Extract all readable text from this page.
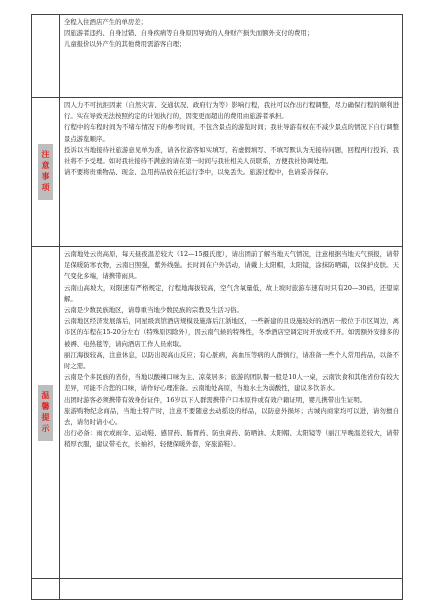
全程入住酒店产生的单房差；

因旅游者违约、自身过错、自身疾病等自身原因导致的人身财产损失而额外支付的费用；

儿童报价以外产生的其他费用需游客自理；

注意事项

因人力不可抗拒因素（自然灾害、交通状况、政府行为等）影响行程，我社可以作出行程调整，尽力确保行程的顺利进行。实在导致无法按照约定的计划执行的，因变更而超出的费用由旅游者承担。

行程中的车程时间为不堵车情况下的参考时间，不包含景点的游览时间；我社导游有权在不减少景点的情况下自行调整景点游览顺序。

投诉以当地接待社旅游意见单为准，请各位游客如实填写，若虚假填写、不填写默认为无接待问题，回程再行投诉，我社将不予受理。如对我社接待不满意的请在第一时间与我社相关人员联系，方便我社协调处理。

请不要将贵重物品、现金、急用药品放在托运行李中，以免丢失。旅游过程中，也请妥善保存。

温馨提示

云南地处云贵高原，每天昼夜温差较大（12—15摄氏度），请出团前了解当地天气情况，注意根据当地天气预报，请带足保暖防寒衣物，云南日照强，紫外线强。长时间在户外活动，请戴上太阳帽，太阳镜，涂抹防晒霜，以保护皮肤。天气变化多端，请携带雨具。

云南山高坡大，对限速有严格规定，行程地海拔较高，空气含氧量低，故上坡时旅游车速有时只有20—30码，还望谅解。

云南是少数民族地区，请尊重当地少数民族的宗教及生活习俗。

云南地区经济发展落后，同星级宾馆酒店规模设施落后江浙地区，一些新建的且设施较好的酒店一般位于市区周边，离市区的车程在15-20分左右（特殊原因除外），因云南气候的特殊性，冬季酒店空调定时开放或不开。如需额外安排多的被褥、电热毯等，请向酒店工作人员索取。

丽江海拔较高，注意休息，以防出现高山反应；有心脏病，高血压等病的人群慎行，请准备一些个人常用药品，以备不时之需。

云南是个多民族的省份，当地以酸辣口味为主、凉菜居多；旅游的团队餐一般是10人一桌，云南饮食和其他省份有较大差异，可能不合您的口味，请作好心理准备。云南地处高原，当地水土为弱酸性，建议多饮茶水。

出团时游客必须携带有效身份证件，16岁以下人群需携带户口本原件或有效户籍证明，婴儿携带出生证明。

旅游购物纪念商品，当地土特产时，注意不要随意去动摇设的样品，以防意外损坏；古城内商家均可以进，请勿擅自去，请勿时请小心。

出行必备：雨衣或雨伞、运动鞋、感冒药、肠胃药、防虫膏药、防晒油、太阳帽、太阳镜等（丽江早晚温差较大，请带稍厚衣服，建议带毛衣，长袖衫，轻便保暖外套，穿旅游鞋）。
